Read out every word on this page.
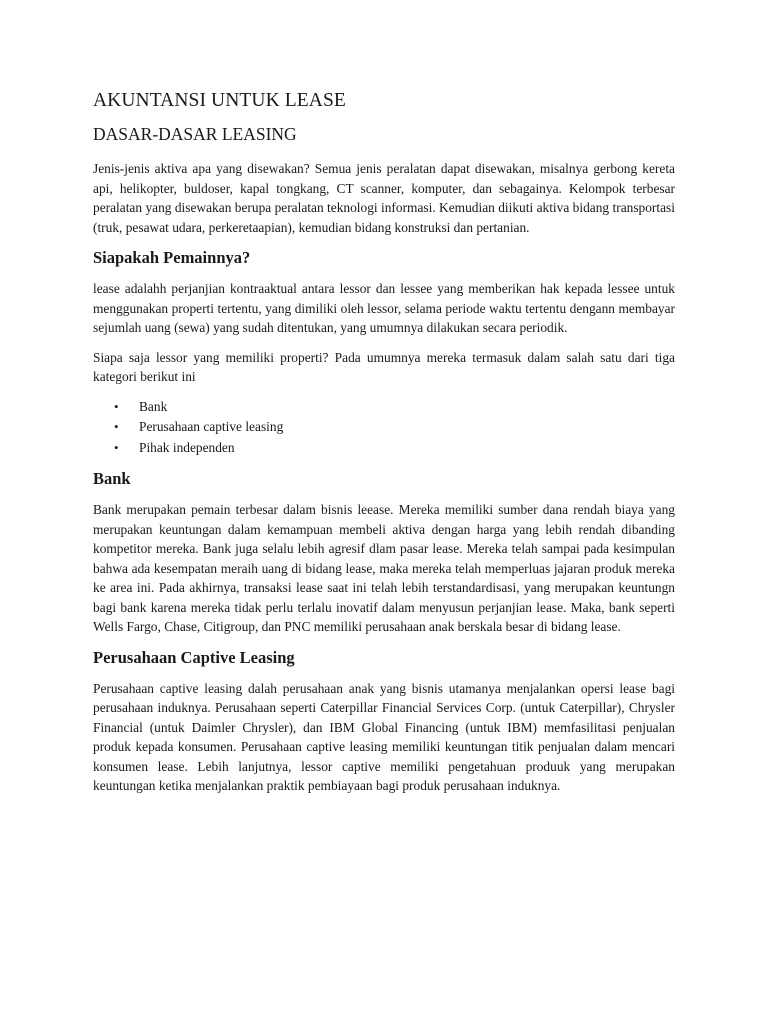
AKUNTANSI UNTUK LEASE
DASAR-DASAR LEASING

Jenis-jenis aktiva apa yang disewakan? Semua jenis peralatan dapat disewakan, misalnya gerbong kereta api, helikopter, buldoser, kapal tongkang, CT scanner, komputer, dan sebagainya. Kelompok terbesar peralatan yang disewakan berupa peralatan teknologi informasi. Kemudian diikuti aktiva bidang transportasi (truk, pesawat udara, perkeretaapian), kemudian bidang konstruksi dan pertanian.

Siapakah Pemainnya?

lease adalahh perjanjian kontraaktual antara lessor dan lessee yang memberikan hak kepada lessee untuk menggunakan properti tertentu, yang dimiliki oleh lessor, selama periode waktu tertentu dengann membayar sejumlah uang (sewa) yang sudah ditentukan, yang umumnya dilakukan secara periodik.

Siapa saja lessor yang memiliki properti? Pada umumnya mereka termasuk dalam salah satu dari tiga kategori berikut ini

• Bank
• Perusahaan captive leasing
• Pihak independen
Bank

Bank merupakan pemain terbesar dalam bisnis leease. Mereka memiliki sumber dana rendah biaya yang merupakan keuntungan dalam kemampuan membeli aktiva dengan harga yang lebih rendah dibanding kompetitor mereka. Bank juga selalu lebih agresif dlam pasar lease. Mereka telah sampai pada kesimpulan bahwa ada kesempatan meraih uang di bidang lease, maka mereka telah memperluas jajaran produk mereka ke area ini. Pada akhirnya, transaksi lease saat ini telah lebih terstandardisasi, yang merupakan keuntungn bagi bank karena mereka tidak perlu terlalu inovatif dalam menyusun perjanjian lease. Maka, bank seperti Wells Fargo, Chase, Citigroup, dan PNC memiliki perusahaan anak berskala besar di bidang lease.

Perusahaan Captive Leasing

Perusahaan captive leasing dalah perusahaan anak yang bisnis utamanya menjalankan opersi lease bagi perusahaan induknya. Perusahaan seperti Caterpillar Financial Services Corp. (untuk Caterpillar), Chrysler Financial (untuk Daimler Chrysler), dan IBM Global Financing (untuk IBM) memfasilitasi penjualan produk kepada konsumen. Perusahaan captive leasing memiliki keuntungan titik penjualan dalam mencari konsumen lease. Lebih lanjutnya, lessor captive memiliki pengetahuan produuk yang merupakan keuntungan ketika menjalankan praktik pembiayaan bagi produk perusahaan induknya.
